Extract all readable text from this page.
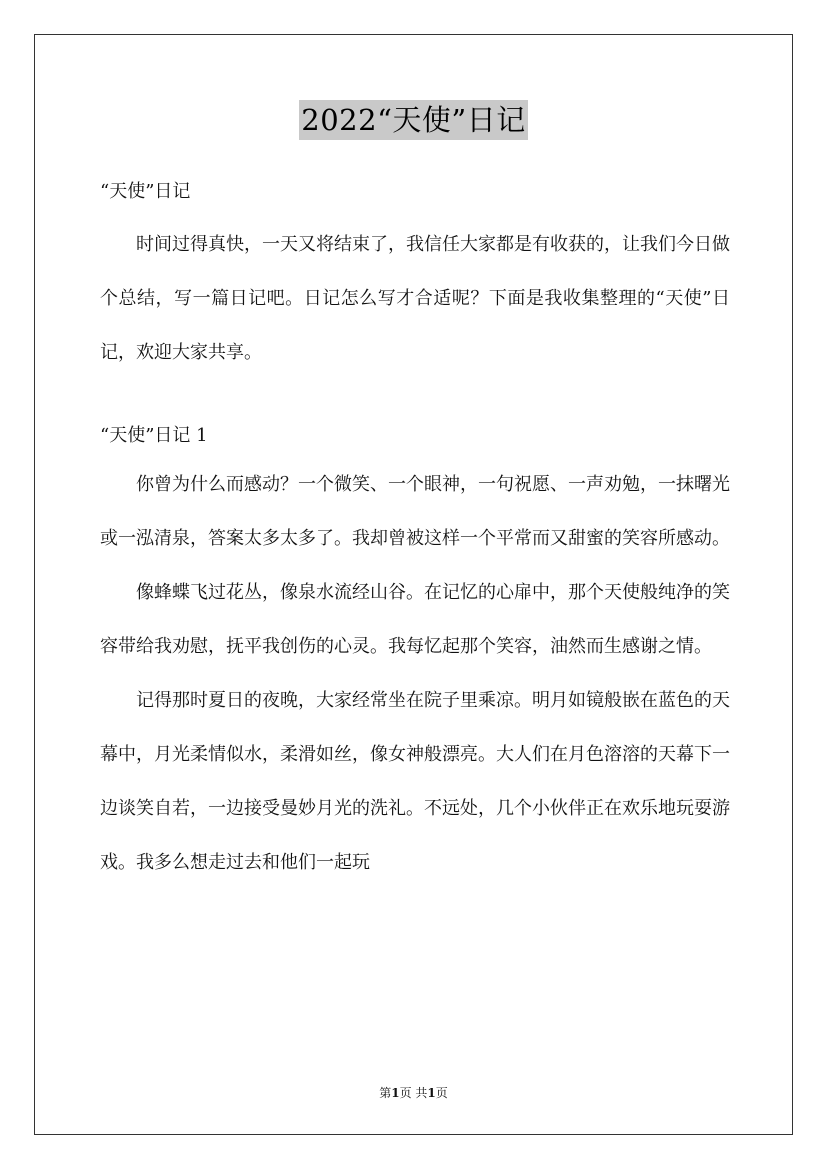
2022“天使”日记

“天使”日记

时间过得真快，一天又将结束了，我信任大家都是有收获的，让我们今日做个总结，写一篇日记吧。日记怎么写才合适呢？下面是我收集整理的“天使”日记，欢迎大家共享。

“天使”日记 1

你曾为什么而感动？一个微笑、一个眼神，一句祝愿、一声劝勉，一抹曙光或一泓清泉，答案太多太多了。我却曾被这样一个平常而又甜蜜的笑容所感动。

像蜂蝶飞过花丛，像泉水流经山谷。在记忆的心扉中，那个天使般纯净的笑容带给我劝慰，抚平我创伤的心灵。我每忆起那个笑容，油然而生感谢之情。

记得那时夏日的夜晚，大家经常坐在院子里乘凉。明月如镜般嵌在蓝色的天幕中，月光柔情似水，柔滑如丝，像女神般漂亮。大人们在月色溶溶的天幕下一边谈笑自若，一边接受曼妙月光的洗礼。不远处，几个小伙伴正在欢乐地玩耍游戏。我多么想走过去和他们一起玩

第1页 共1页
